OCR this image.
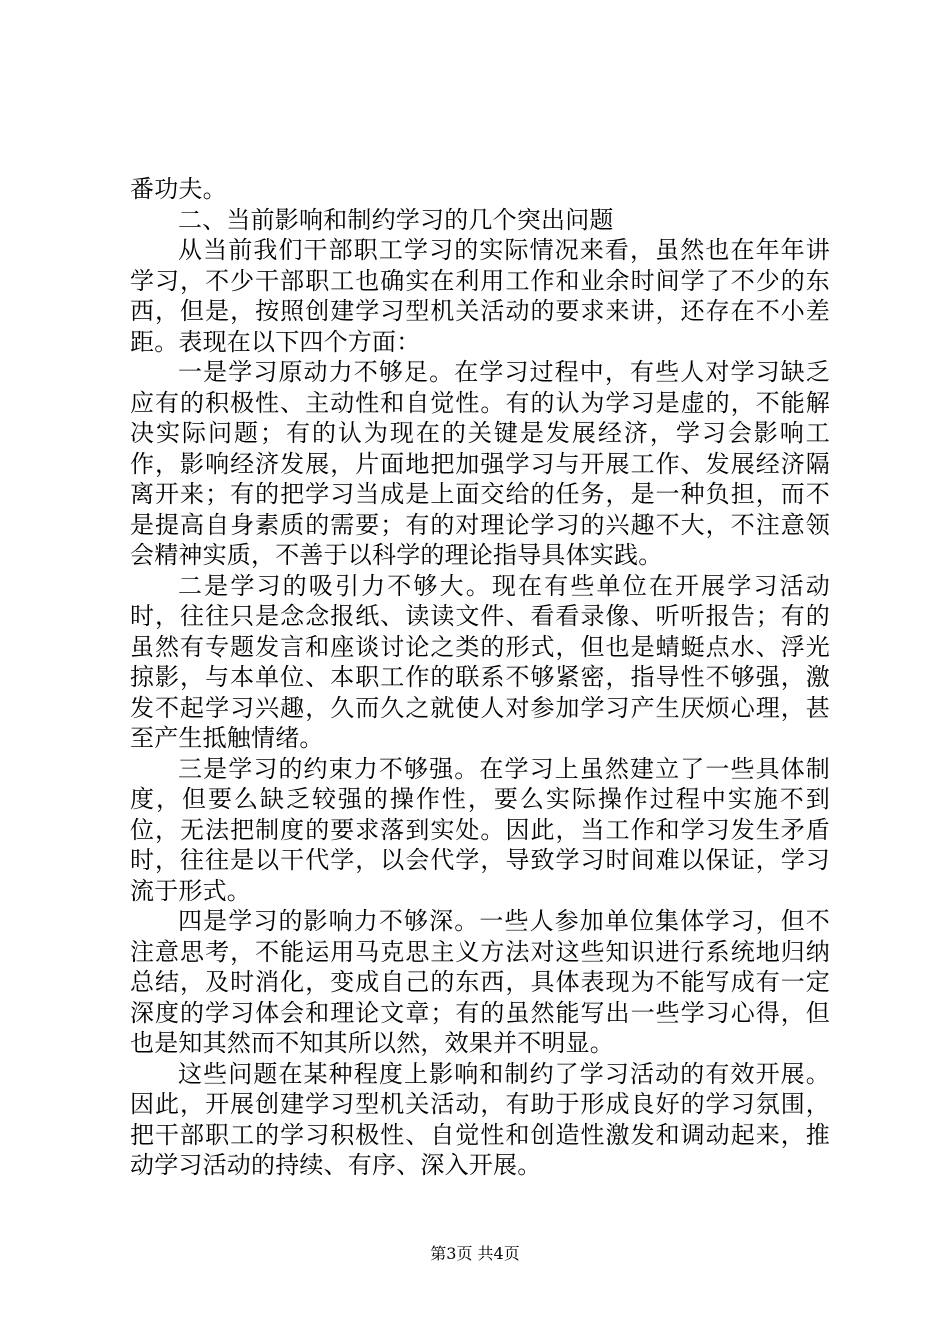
番功夫。

二、当前影响和制约学习的几个突出问题

从当前我们干部职工学习的实际情况来看，虽然也在年年讲学习，不少干部职工也确实在利用工作和业余时间学了不少的东西，但是，按照创建学习型机关活动的要求来讲，还存在不小差距。表现在以下四个方面：

一是学习原动力不够足。在学习过程中，有些人对学习缺乏应有的积极性、主动性和自觉性。有的认为学习是虚的，不能解决实际问题；有的认为现在的关键是发展经济，学习会影响工作，影响经济发展，片面地把加强学习与开展工作、发展经济隔离开来；有的把学习当成是上面交给的任务，是一种负担，而不是提高自身素质的需要；有的对理论学习的兴趣不大，不注意领会精神实质，不善于以科学的理论指导具体实践。

二是学习的吸引力不够大。现在有些单位在开展学习活动时，往往只是念念报纸、读读文件、看看录像、听听报告；有的虽然有专题发言和座谈讨论之类的形式，但也是蜻蜓点水、浮光掠影，与本单位、本职工作的联系不够紧密，指导性不够强，激发不起学习兴趣，久而久之就使人对参加学习产生厌烦心理，甚至产生抵触情绪。

三是学习的约束力不够强。在学习上虽然建立了一些具体制度，但要么缺乏较强的操作性，要么实际操作过程中实施不到位，无法把制度的要求落到实处。因此，当工作和学习发生矛盾时，往往是以干代学，以会代学，导致学习时间难以保证，学习流于形式。

四是学习的影响力不够深。一些人参加单位集体学习，但不注意思考，不能运用马克思主义方法对这些知识进行系统地归纳总结，及时消化，变成自己的东西，具体表现为不能写成有一定深度的学习体会和理论文章；有的虽然能写出一些学习心得，但也是知其然而不知其所以然，效果并不明显。

这些问题在某种程度上影响和制约了学习活动的有效开展。因此，开展创建学习型机关活动，有助于形成良好的学习氛围，把干部职工的学习积极性、自觉性和创造性激发和调动起来，推动学习活动的持续、有序、深入开展。

第3页 共4页
